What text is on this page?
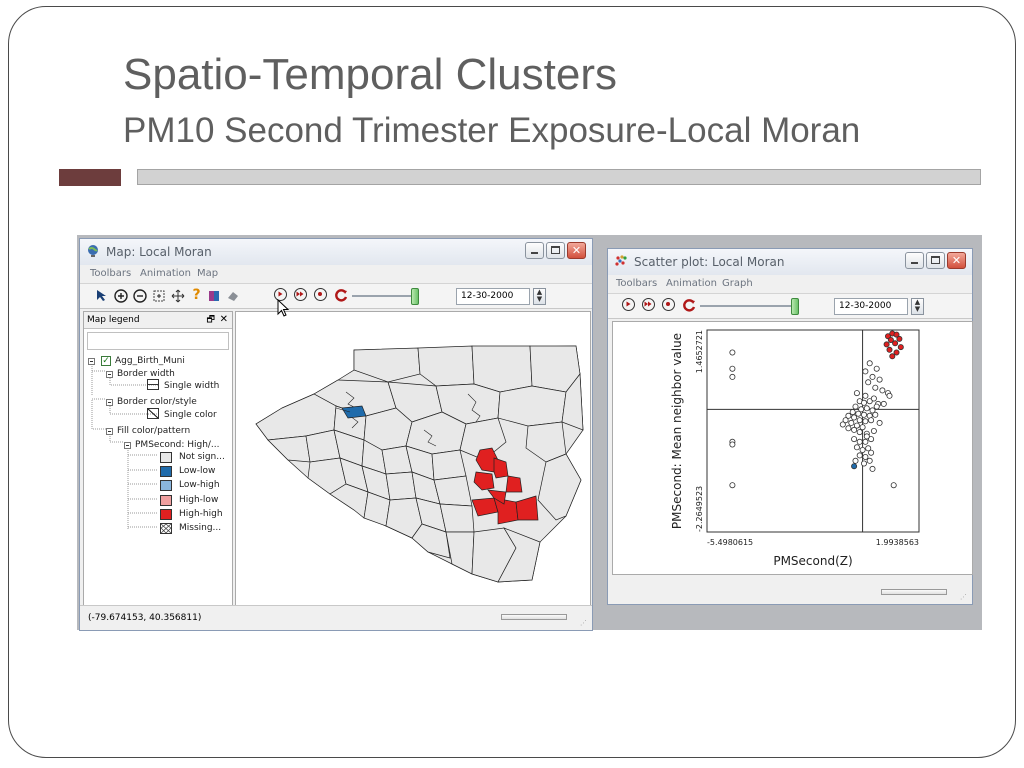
Spatio-Temporal Clusters
PM10 Second Trimester Exposure-Local Moran
Map: Local Moran	✕
Toolbars Animation Map
?	12-30-2000	▲
▼
Map legend	🗗 ✕
✓ Agg_Birth_Muni
Border width
Single width
Border color/style
Single color
Fill color/pattern
PMSecond: High/...
Not sign...
Low-low
Low-high
High-low
High-high
Missing...
(-79.674153, 40.356811)	⋰
Scatter plot: Local Moran	✕
Toolbars Animation Graph
12-30-2000	▲
▼
-5.4980615	1.9938563
PMSecond(Z)
-2.2649523
1.4652721
PMSecond: Mean neighbor value
⋰
